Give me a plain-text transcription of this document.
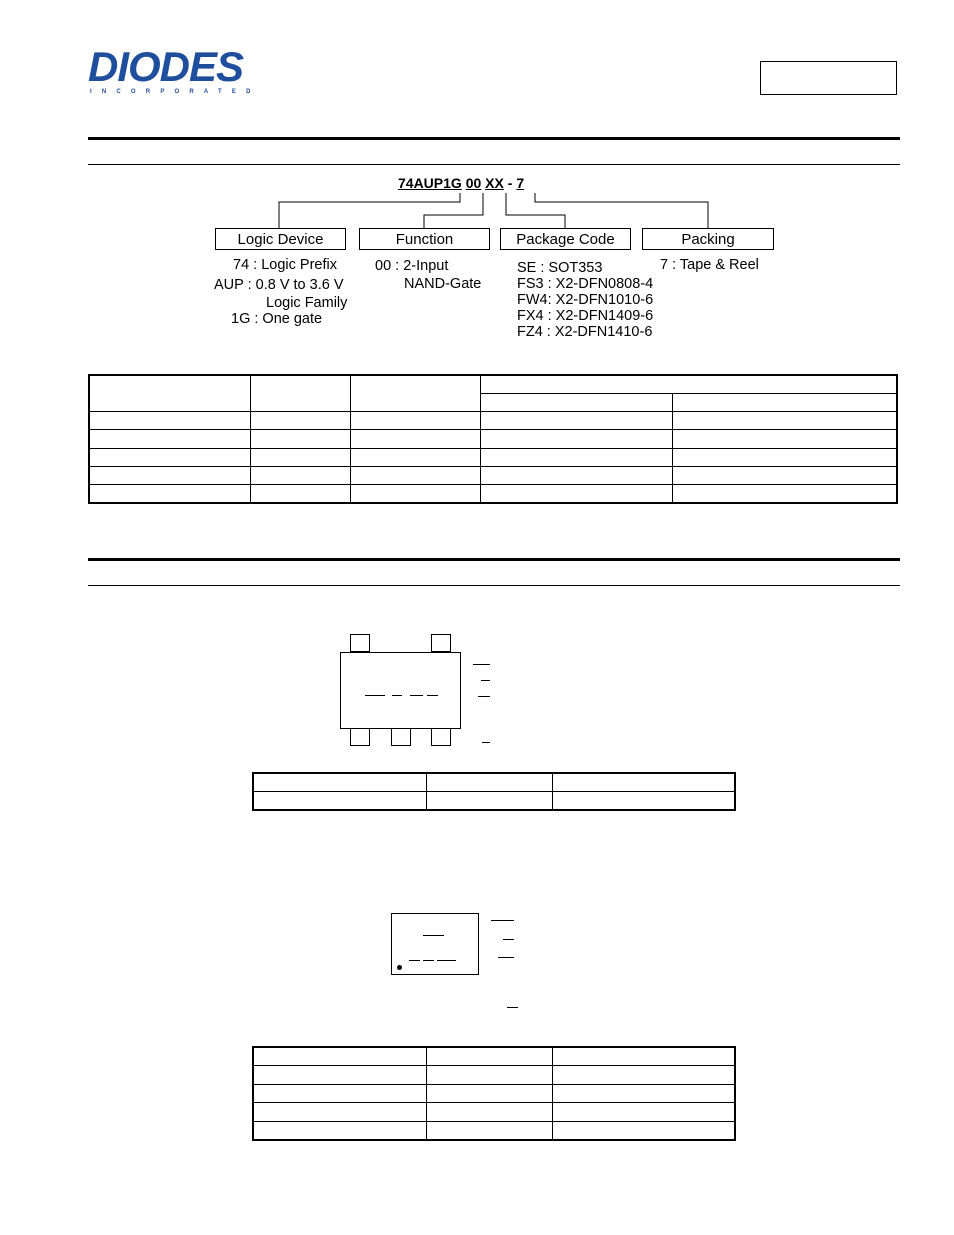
DIODES
INCORPORATED
74AUP1G 00 XX - 7
Logic Device	Function	Package Code	Packing
74 : Logic Prefix
AUP : 0.8 V to 3.6 V
Logic Family
1G : One gate
00 : 2-Input
NAND-Gate
SE : SOT353
FS3 : X2-DFN0808-4
FW4: X2-DFN1010-6
FX4 : X2-DFN1409-6
FZ4 : X2-DFN1410-6
7 : Tape & Reel
